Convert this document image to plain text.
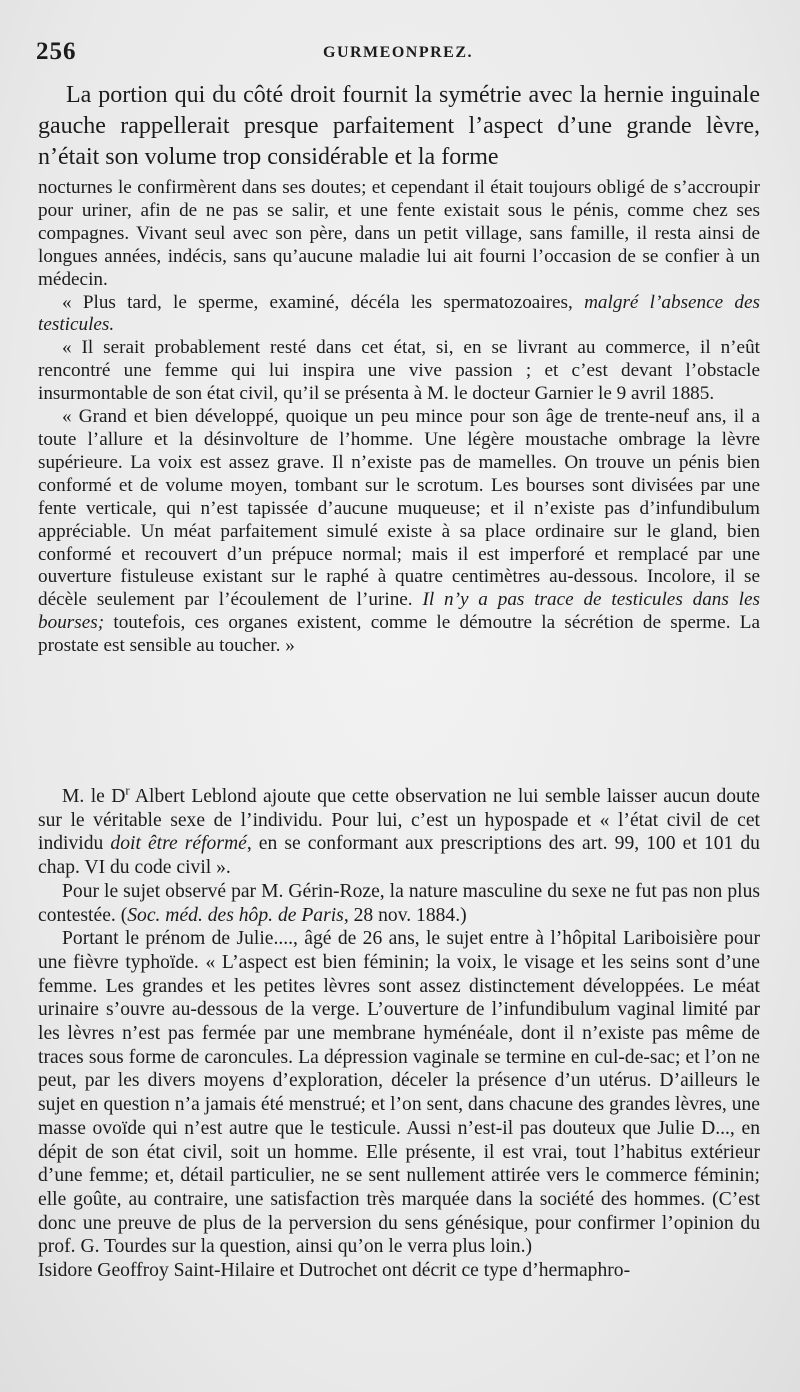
256	GURMEONPREZ.

La portion qui du côté droit fournit la symétrie avec la hernie inguinale gauche rappellerait presque parfaitement l’aspect d’une grande lèvre, n’était son volume trop considérable et la forme

nocturnes le confirmèrent dans ses doutes; et cependant il était toujours obligé de s’accroupir pour uriner, afin de ne pas se salir, et une fente existait sous le pénis, comme chez ses compagnes. Vivant seul avec son père, dans un petit village, sans famille, il resta ainsi de longues années, indécis, sans qu’aucune maladie lui ait fourni l’occasion de se confier à un médecin.

« Plus tard, le sperme, examiné, décéla les spermatozoaires, malgré l’absence des testicules.

« Il serait probablement resté dans cet état, si, en se livrant au commerce, il n’eût rencontré une femme qui lui inspira une vive passion ; et c’est devant l’obstacle insurmontable de son état civil, qu’il se présenta à M. le docteur Garnier le 9 avril 1885.

« Grand et bien développé, quoique un peu mince pour son âge de trente-neuf ans, il a toute l’allure et la désinvolture de l’homme. Une légère moustache ombrage la lèvre supérieure. La voix est assez grave. Il n’existe pas de mamelles. On trouve un pénis bien conformé et de volume moyen, tombant sur le scrotum. Les bourses sont divisées par une fente verticale, qui n’est tapissée d’aucune muqueuse; et il n’existe pas d’infundibulum appréciable. Un méat parfaitement simulé existe à sa place ordinaire sur le gland, bien conformé et recouvert d’un prépuce normal; mais il est imperforé et remplacé par une ouverture fistuleuse existant sur le raphé à quatre centimètres au-dessous. Incolore, il se décèle seulement par l’écoulement de l’urine. Il n’y a pas trace de testicules dans les bourses; toutefois, ces organes existent, comme le démoutre la sécrétion de sperme. La prostate est sensible au toucher. »

M. le $D^r$ Albert Leblond ajoute que cette observation ne lui semble laisser aucun doute sur le véritable sexe de l’individu. Pour lui, c’est un hypospade et « l’état civil de cet individu doit être réformé, en se conformant aux prescriptions des art. 99, 100 et 101 du chap. VI du code civil ».

Pour le sujet observé par M. Gérin-Roze, la nature masculine du sexe ne fut pas non plus contestée. (Soc. méd. des hôp. de Paris, 28 nov. 1884.)

Portant le prénom de Julie...., âgé de 26 ans, le sujet entre à l’hôpital Lariboisière pour une fièvre typhoïde. « L’aspect est bien féminin; la voix, le visage et les seins sont d’une femme. Les grandes et les petites lèvres sont assez distinctement développées. Le méat urinaire s’ouvre au-dessous de la verge. L’ouverture de l’infundibulum vaginal limité par les lèvres n’est pas fermée par une membrane hyménéale, dont il n’existe pas même de traces sous forme de caroncules. La dépression vaginale se termine en cul-de-sac; et l’on ne peut, par les divers moyens d’exploration, déceler la présence d’un utérus. D’ailleurs le sujet en question n’a jamais été menstrué; et l’on sent, dans chacune des grandes lèvres, une masse ovoïde qui n’est autre que le testicule. Aussi n’est-il pas douteux que Julie D..., en dépit de son état civil, soit un homme. Elle présente, il est vrai, tout l’habitus extérieur d’une femme; et, détail particulier, ne se sent nullement attirée vers le commerce féminin; elle goûte, au contraire, une satisfaction très marquée dans la société des hommes. (C’est donc une preuve de plus de la perversion du sens génésique, pour confirmer l’opinion du prof. G. Tourdes sur la question, ainsi qu’on le verra plus loin.)

Isidore Geoffroy Saint-Hilaire et Dutrochet ont décrit ce type d’hermaphro-
